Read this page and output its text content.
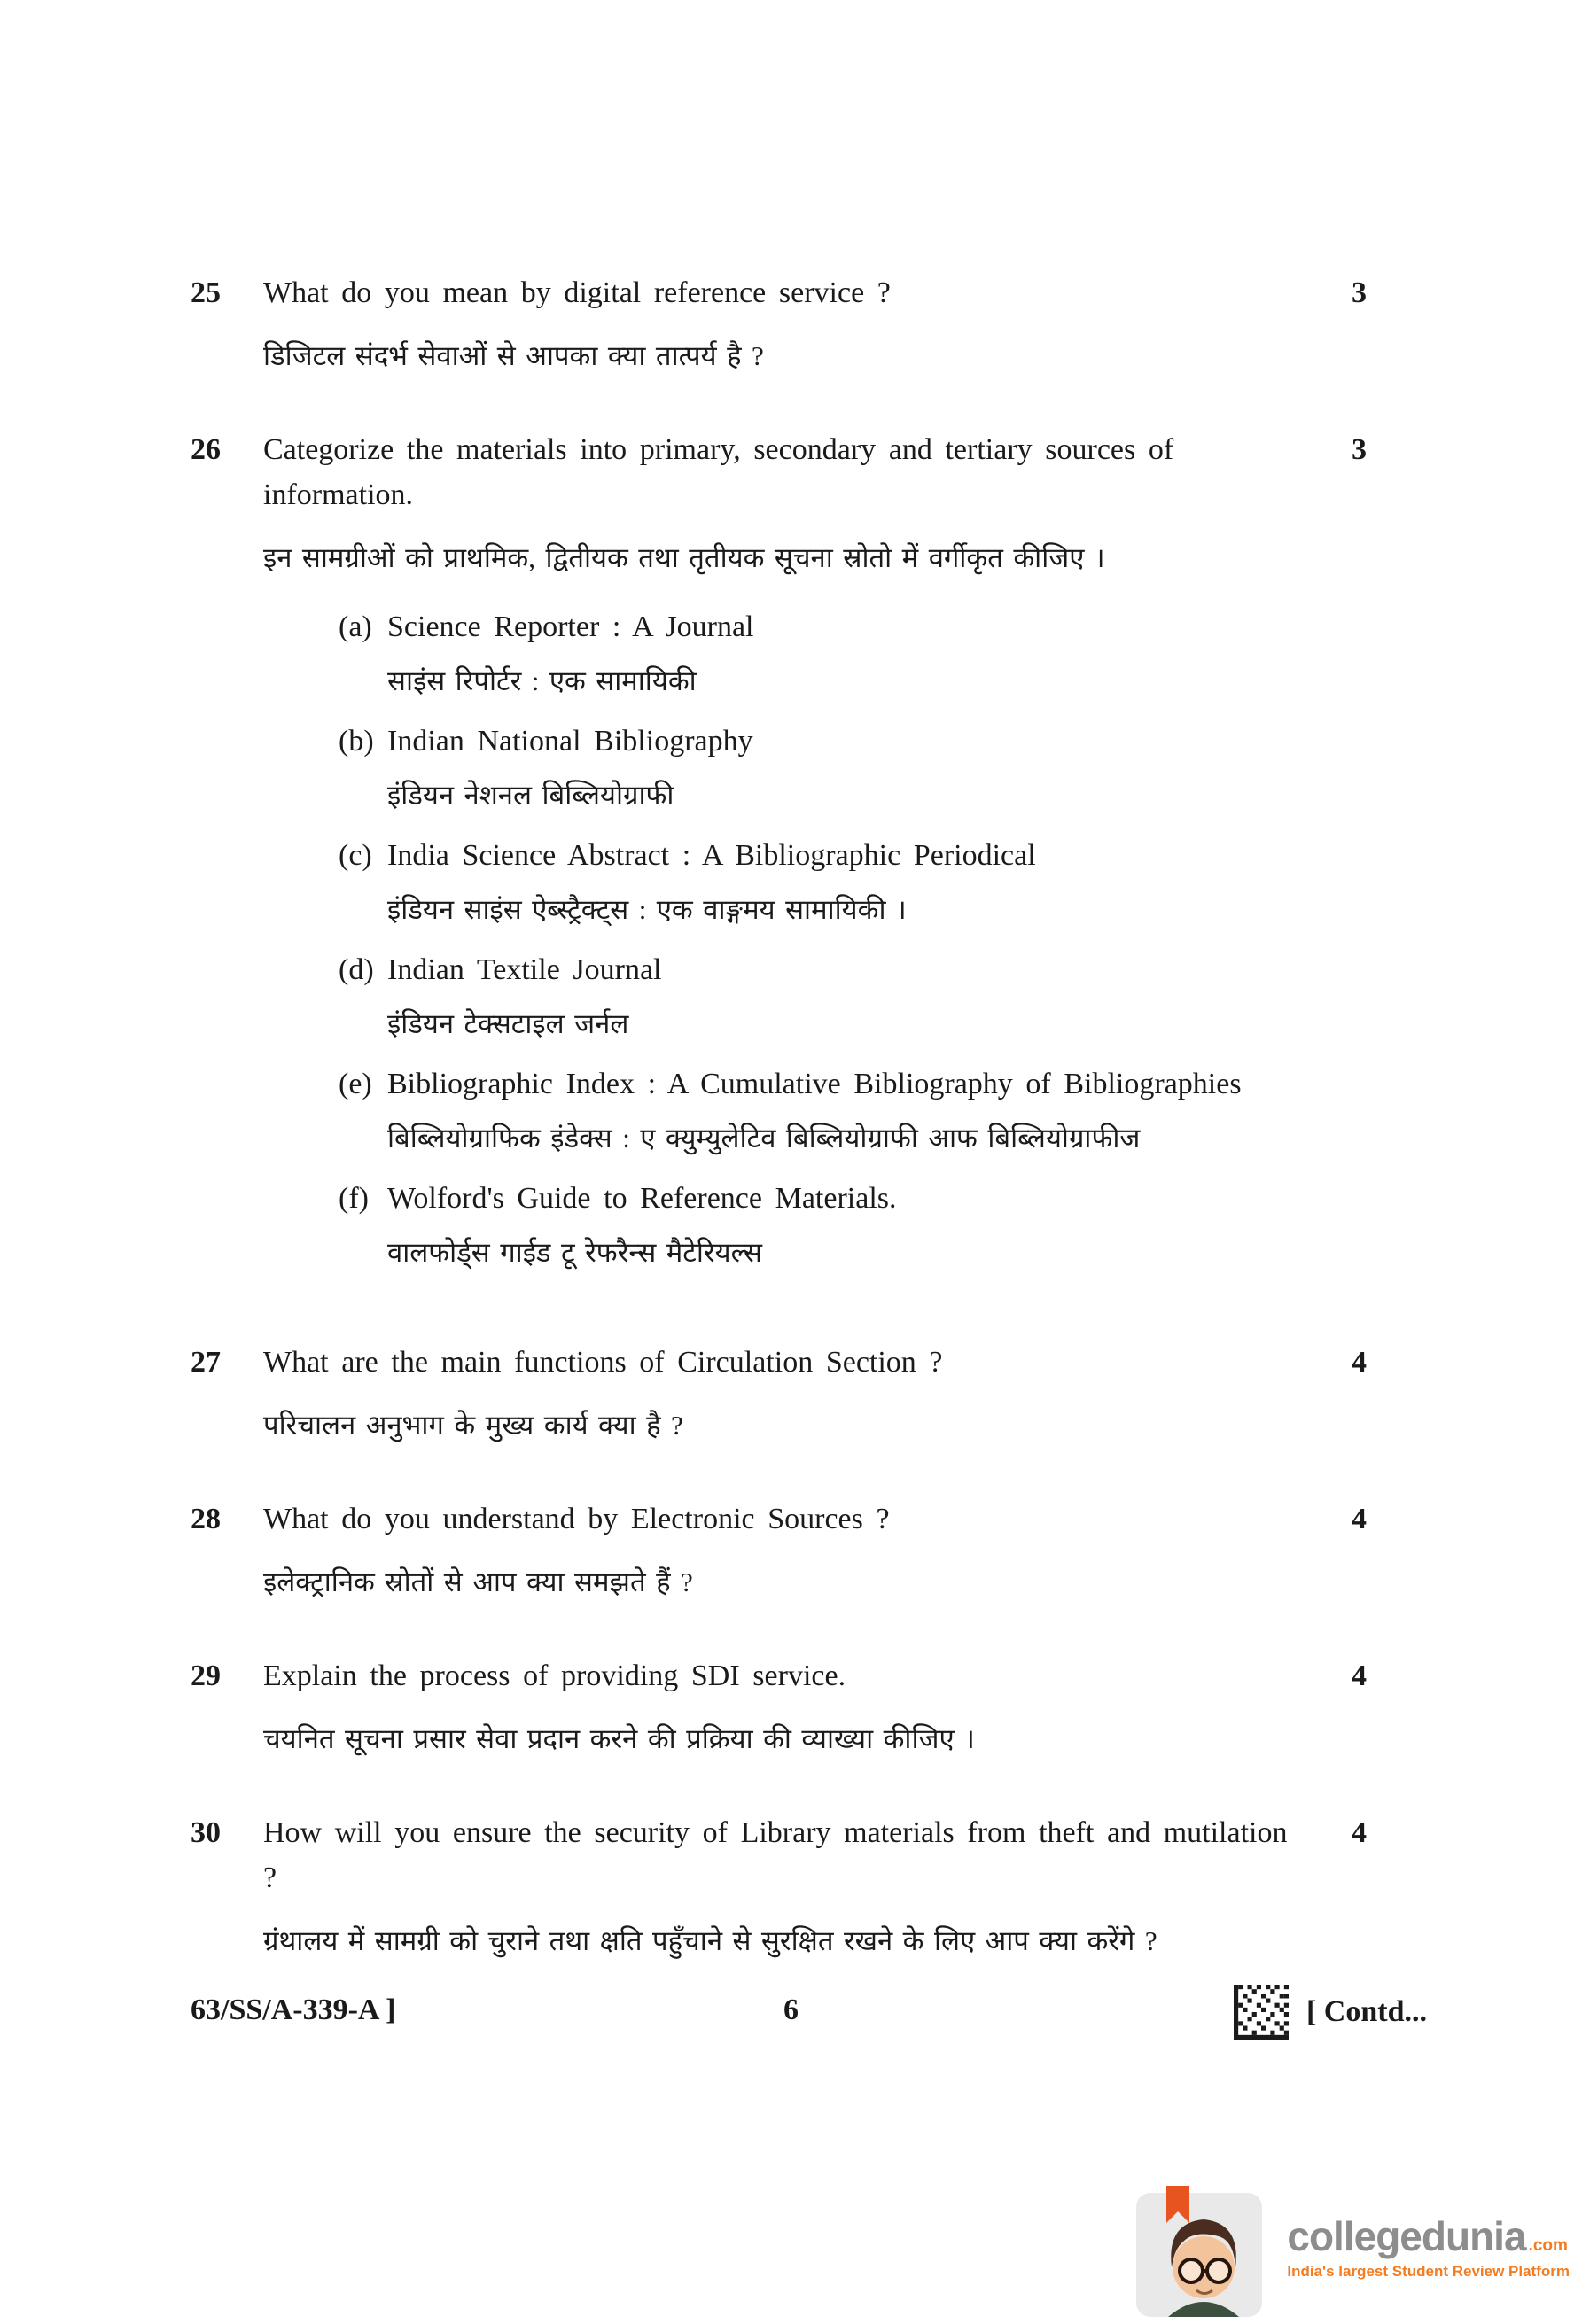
25	What do you mean by digital reference service ?

डिजिटल संदर्भ सेवाओं से आपका क्या तात्पर्य है ?

3
26	Categorize the materials into primary, secondary and tertiary sources of information.

इन सामग्रीओं को प्राथमिक, द्वितीयक तथा तृतीयक सूचना स्रोतो में वर्गीकृत कीजिए ।

(a) Science Reporter : A Journal

साइंस रिपोर्टर : एक सामायिकी

(b) Indian National Bibliography

इंडियन नेशनल बिब्लियोग्राफी

(c) India Science Abstract : A Bibliographic Periodical

इंडियन साइंस ऐब्स्ट्रैक्ट्स : एक वाङ्गमय सामायिकी ।

(d) Indian Textile Journal

इंडियन टेक्सटाइल जर्नल

(e) Bibliographic Index : A Cumulative Bibliography of Bibliographies

बिब्लियोग्राफिक इंडेक्स : ए क्युम्युलेटिव बिब्लियोग्राफी आफ बिब्लियोग्राफीज

(f) Wolford's Guide to Reference Materials.

वालफोर्ड्स गाईड टू रेफरैन्स मैटेरियल्स

3
27	What are the main functions of Circulation Section ?

परिचालन अनुभाग के मुख्य कार्य क्या है ?

4
28	What do you understand by Electronic Sources ?

इलेक्ट्रानिक स्रोतों से आप क्या समझते हैं ?

4
29	Explain the process of providing SDI service.

चयनित सूचना प्रसार सेवा प्रदान करने की प्रक्रिया की व्याख्या कीजिए ।

4
30	How will you ensure the security of Library materials from theft and mutilation ?

ग्रंथालय में सामग्री को चुराने तथा क्षति पहुँचाने से सुरक्षित रखने के लिए आप क्या करेंगे ?

4
63/SS/A-339-A ]	6	[ Contd...
collegedunia .com
India's largest Student Review Platform
